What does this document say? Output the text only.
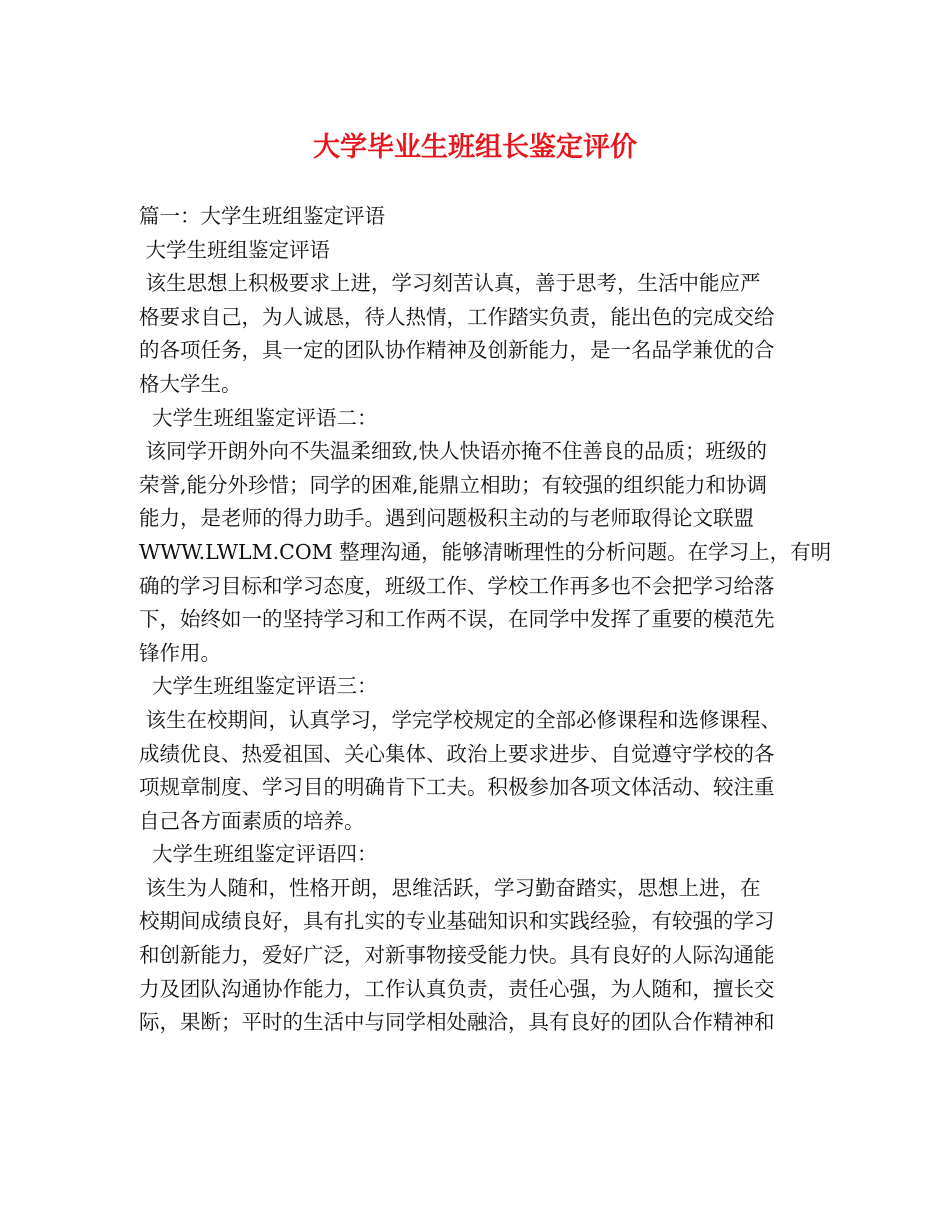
大学毕业生班组长鉴定评价

篇一：大学生班组鉴定评语

大学生班组鉴定评语

该生思想上积极要求上进，学习刻苦认真，善于思考，生活中能应严

格要求自己，为人诚恳，待人热情，工作踏实负责，能出色的完成交给

的各项任务，具一定的团队协作精神及创新能力，是一名品学兼优的合

格大学生。

大学生班组鉴定评语二：

该同学开朗外向不失温柔细致,快人快语亦掩不住善良的品质；班级的

荣誉,能分外珍惜；同学的困难,能鼎立相助；有较强的组织能力和协调

能力，是老师的得力助手。遇到问题极积主动的与老师取得论文联盟

WWW.LWLM.COM 整理沟通，能够清晰理性的分析问题。在学习上，有明

确的学习目标和学习态度，班级工作、学校工作再多也不会把学习给落

下，始终如一的坚持学习和工作两不误，在同学中发挥了重要的模范先

锋作用。

大学生班组鉴定评语三：

该生在校期间，认真学习，学完学校规定的全部必修课程和选修课程、

成绩优良、热爱祖国、关心集体、政治上要求进步、自觉遵守学校的各

项规章制度、学习目的明确肯下工夫。积极参加各项文体活动、较注重

自己各方面素质的培养。

大学生班组鉴定评语四：

该生为人随和，性格开朗，思维活跃，学习勤奋踏实，思想上进，在

校期间成绩良好，具有扎实的专业基础知识和实践经验，有较强的学习

和创新能力，爱好广泛，对新事物接受能力快。具有良好的人际沟通能

力及团队沟通协作能力，工作认真负责，责任心强，为人随和，擅长交

际，果断；平时的生活中与同学相处融洽，具有良好的团队合作精神和
